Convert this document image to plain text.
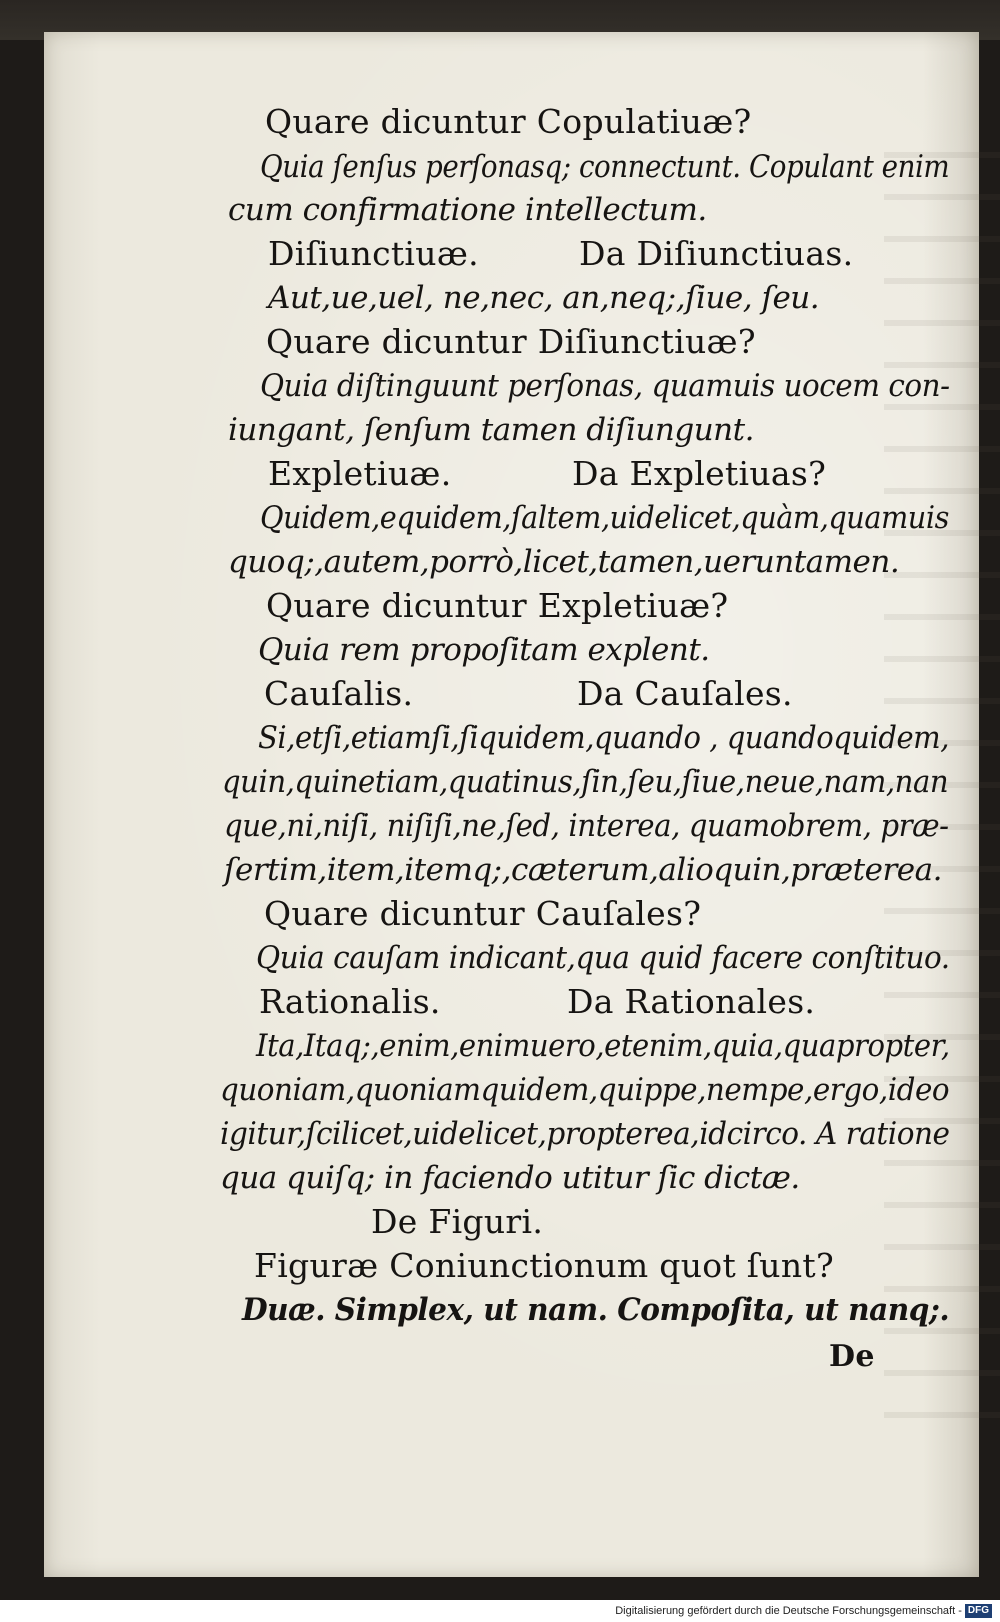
Quare dicuntur Copulatiuæ?
Quia ſenſus perſonasq; connectunt. Copulant enim
cum confirmatione intellectum.
Diſiunctiuæ.	Da Diſiunctiuas.
Aut,ue,uel, ne,nec, an,neq;,ſiue, ſeu.
Quare dicuntur Diſiunctiuæ?
Quia diſtinguunt perſonas, quamuis uocem con-
iungant, ſenſum tamen diſiungunt.
Expletiuæ.	Da Expletiuas?
Quidem,equidem,ſaltem,uidelicet,quàm,quamuis
quoq;,autem,porrò,licet,tamen,ueruntamen.
Quare dicuntur Expletiuæ?
Quia rem propoſitam explent.
Cauſalis.	Da Cauſales.
Si,etſi,etiamſi,ſiquidem,quando , quandoquidem,
quin,quinetiam,quatinus,ſin,ſeu,ſiue,neue,nam,nan
que,ni,niſi, niſiſi,ne,ſed, interea, quamobrem, præ-
ſertim,item,itemq;,cæterum,alioquin,præterea.
Quare dicuntur Cauſales?
Quia cauſam indicant,qua quid facere conſtituo.
Rationalis.	Da Rationales.
Ita,Itaq;,enim,enimuero,etenim,quia,quapropter,
quoniam,quoniamquidem,quippe,nempe,ergo,ideo
igitur,ſcilicet,uidelicet,propterea,idcirco. A ratione
qua quiſq; in faciendo utitur ſic dictæ.
De Figuri.
Figuræ Coniunctionum quot ſunt?
Duæ. Simplex, ut nam. Compoſita, ut nanq;.
De
Digitalisierung gefördert durch die Deutsche Forschungsgemeinschaft - DFG
